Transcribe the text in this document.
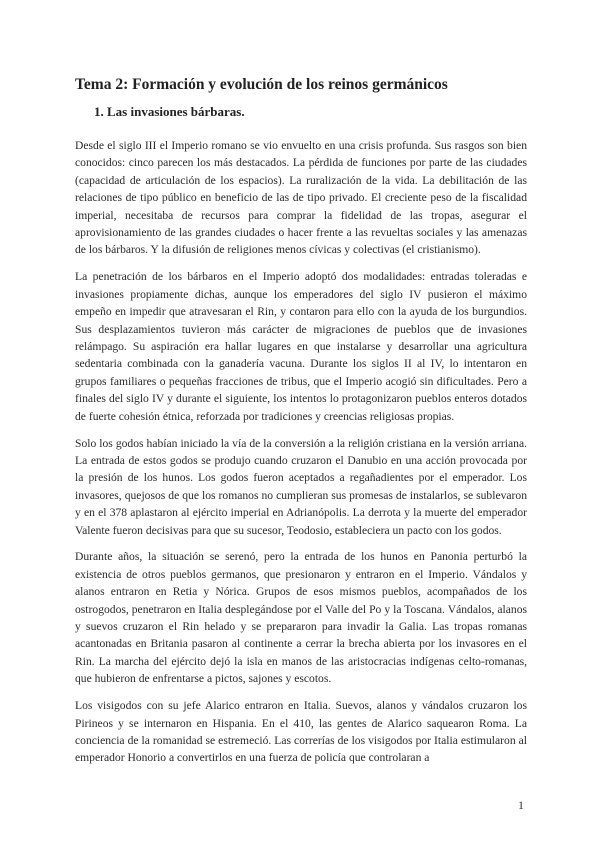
Tema 2: Formación y evolución de los reinos germánicos
1. Las invasiones bárbaras.

Desde el siglo III el Imperio romano se vio envuelto en una crisis profunda. Sus rasgos son bien conocidos: cinco parecen los más destacados. La pérdida de funciones por parte de las ciudades (capacidad de articulación de los espacios). La ruralización de la vida. La debilitación de las relaciones de tipo público en beneficio de las de tipo privado. El creciente peso de la fiscalidad imperial, necesitaba de recursos para comprar la fidelidad de las tropas, asegurar el aprovisionamiento de las grandes ciudades o hacer frente a las revueltas sociales y las amenazas de los bárbaros. Y la difusión de religiones menos cívicas y colectivas (el cristianismo).

La penetración de los bárbaros en el Imperio adoptó dos modalidades: entradas toleradas e invasiones propiamente dichas, aunque los emperadores del siglo IV pusieron el máximo empeño en impedir que atravesaran el Rin, y contaron para ello con la ayuda de los burgundios. Sus desplazamientos tuvieron más carácter de migraciones de pueblos que de invasiones relámpago. Su aspiración era hallar lugares en que instalarse y desarrollar una agricultura sedentaria combinada con la ganadería vacuna. Durante los siglos II al IV, lo intentaron en grupos familiares o pequeñas fracciones de tribus, que el Imperio acogió sin dificultades. Pero a finales del siglo IV y durante el siguiente, los intentos lo protagonizaron pueblos enteros dotados de fuerte cohesión étnica, reforzada por tradiciones y creencias religiosas propias.

Solo los godos habían iniciado la vía de la conversión a la religión cristiana en la versión arriana. La entrada de estos godos se produjo cuando cruzaron el Danubio en una acción provocada por la presión de los hunos. Los godos fueron aceptados a regañadientes por el emperador. Los invasores, quejosos de que los romanos no cumplieran sus promesas de instalarlos, se sublevaron y en el 378 aplastaron al ejército imperial en Adrianópolis. La derrota y la muerte del emperador Valente fueron decisivas para que su sucesor, Teodosio, estableciera un pacto con los godos.

Durante años, la situación se serenó, pero la entrada de los hunos en Panonia perturbó la existencia de otros pueblos germanos, que presionaron y entraron en el Imperio. Vándalos y alanos entraron en Retia y Nórica. Grupos de esos mismos pueblos, acompañados de los ostrogodos, penetraron en Italia desplegándose por el Valle del Po y la Toscana. Vándalos, alanos y suevos cruzaron el Rin helado y se prepararon para invadir la Galia. Las tropas romanas acantonadas en Britania pasaron al continente a cerrar la brecha abierta por los invasores en el Rin. La marcha del ejército dejó la isla en manos de las aristocracias indígenas celto-romanas, que hubieron de enfrentarse a pictos, sajones y escotos.

Los visigodos con su jefe Alarico entraron en Italia. Suevos, alanos y vándalos cruzaron los Pirineos y se internaron en Hispania. En el 410, las gentes de Alarico saquearon Roma. La conciencia de la romanidad se estremeció. Las correrías de los visigodos por Italia estimularon al emperador Honorio a convertirlos en una fuerza de policía que controlaran a

1
